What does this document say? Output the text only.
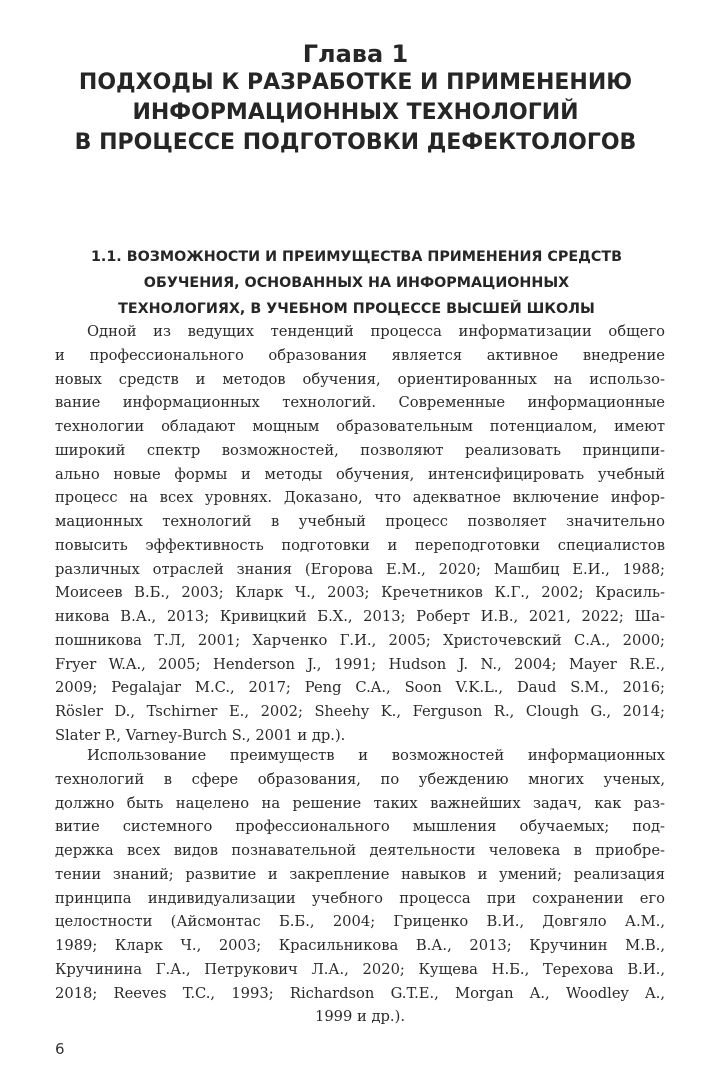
Глава 1
ПОДХОДЫ К РАЗРАБОТКЕ И ПРИМЕНЕНИЮ
ИНФОРМАЦИОННЫХ ТЕХНОЛОГИЙ
В ПРОЦЕССЕ ПОДГОТОВКИ ДЕФЕКТОЛОГОВ
1.1. ВОЗМОЖНОСТИ И ПРЕИМУЩЕСТВА ПРИМЕНЕНИЯ СРЕДСТВ
ОБУЧЕНИЯ, ОСНОВАННЫХ НА ИНФОРМАЦИОННЫХ
ТЕХНОЛОГИЯХ, В УЧЕБНОМ ПРОЦЕССЕ ВЫСШЕЙ ШКОЛЫ
Одной из ведущих тенденций процесса информатизации общего
и профессионального образования является активное внедрение
новых средств и методов обучения, ориентированных на использо-
вание информационных технологий. Современные информационные
технологии обладают мощным образовательным потенциалом, имеют
широкий спектр возможностей, позволяют реализовать принципи-
ально новые формы и методы обучения, интенсифицировать учебный
процесс на всех уровнях. Доказано, что адекватное включение инфор-
мационных технологий в учебный процесс позволяет значительно
повысить эффективность подготовки и переподготовки специалистов
различных отраслей знания (Егорова Е.М., 2020; Машбиц Е.И., 1988;
Моисеев В.Б., 2003; Кларк Ч., 2003; Кречетников К.Г., 2002; Красиль-
никова В.А., 2013; Кривицкий Б.Х., 2013; Роберт И.В., 2021, 2022; Ша-
пошникова Т.Л, 2001; Харченко Г.И., 2005; Христочевский С.А., 2000;
Fryer W.A., 2005; Henderson J., 1991; Hudson J. N., 2004; Mayer R.E.,
2009; Pegalajar M.C., 2017; Peng C.A., Soon V.K.L., Daud S.M., 2016;
Rösler D., Tschirner E., 2002; Sheehy K., Ferguson R., Clough G., 2014;
Slater P., Varney-Burch S., 2001 и др.).
Использование преимуществ и возможностей информационных
технологий в сфере образования, по убеждению многих ученых,
должно быть нацелено на решение таких важнейших задач, как раз-
витие системного профессионального мышления обучаемых; под-
держка всех видов познавательной деятельности человека в приобре-
тении знаний; развитие и закрепление навыков и умений; реализация
принципа индивидуализации учебного процесса при сохранении его
целостности (Айсмонтас Б.Б., 2004; Гриценко В.И., Довгяло А.М.,
1989; Кларк Ч., 2003; Красильникова В.А., 2013; Кручинин М.В.,
Кручинина Г.А., Петрукович Л.А., 2020; Кущева Н.Б., Терехова В.И.,
2018; Reeves T.C., 1993; Richardson G.T.E., Morgan A., Woodley A.,
1999 и др.).
6
